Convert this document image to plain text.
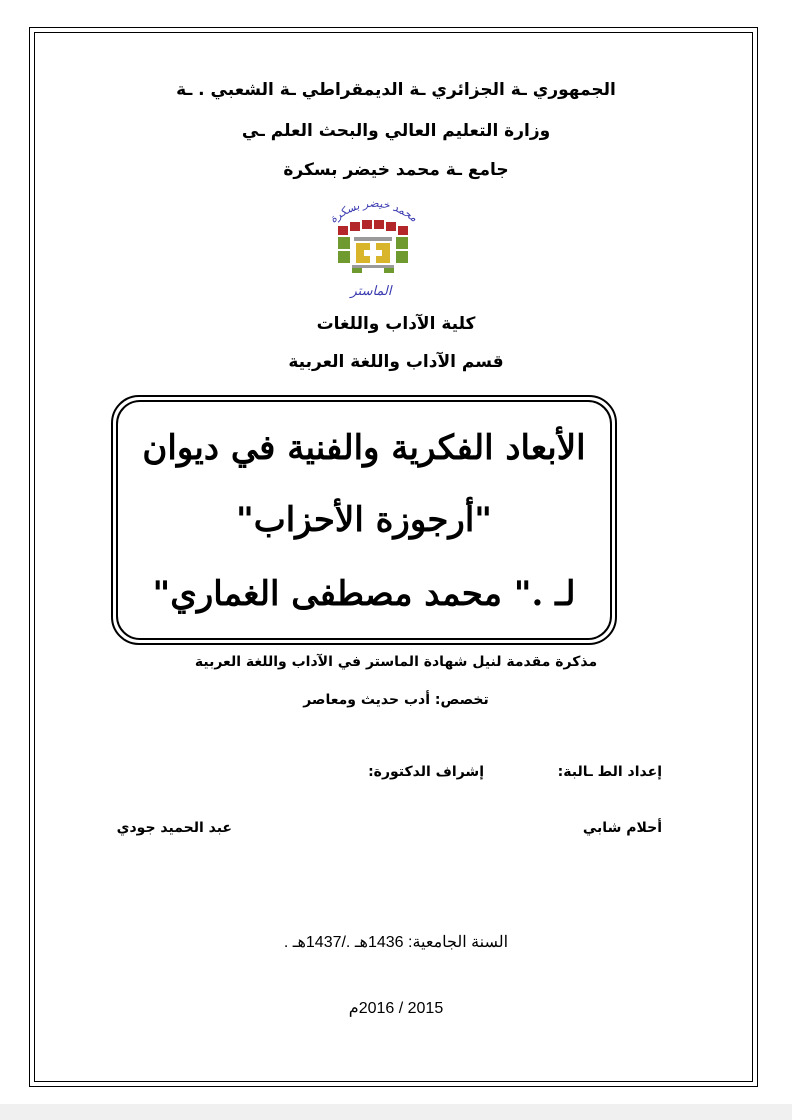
الجمهوري ـة الجزائري ـة الديمقراطي ـة الشعبي . ـة
وزارة التعليم العالي والبحث العلم ـي
جامع ـة محمد خيضر بسكرة
محمد خيضر بسكرة
الماستر
كلية الآداب واللغات
قسم الآداب واللغة العربية
الأبعاد الفكرية والفنية في ديوان
"أرجوزة الأحزاب"
لـ ." محمد مصطفى الغماري"
مذكرة مقدمة لنيل شهادة الماستر في الآداب واللغة العربية
تخصص: أدب حديث ومعاصر
إعداد الط ـالبة:
إشراف الدكتورة:
أحلام شابي
عبد الحميد جودي
السنة الجامعية: 1436هـ ./1437هـ .
2015 / 2016م
